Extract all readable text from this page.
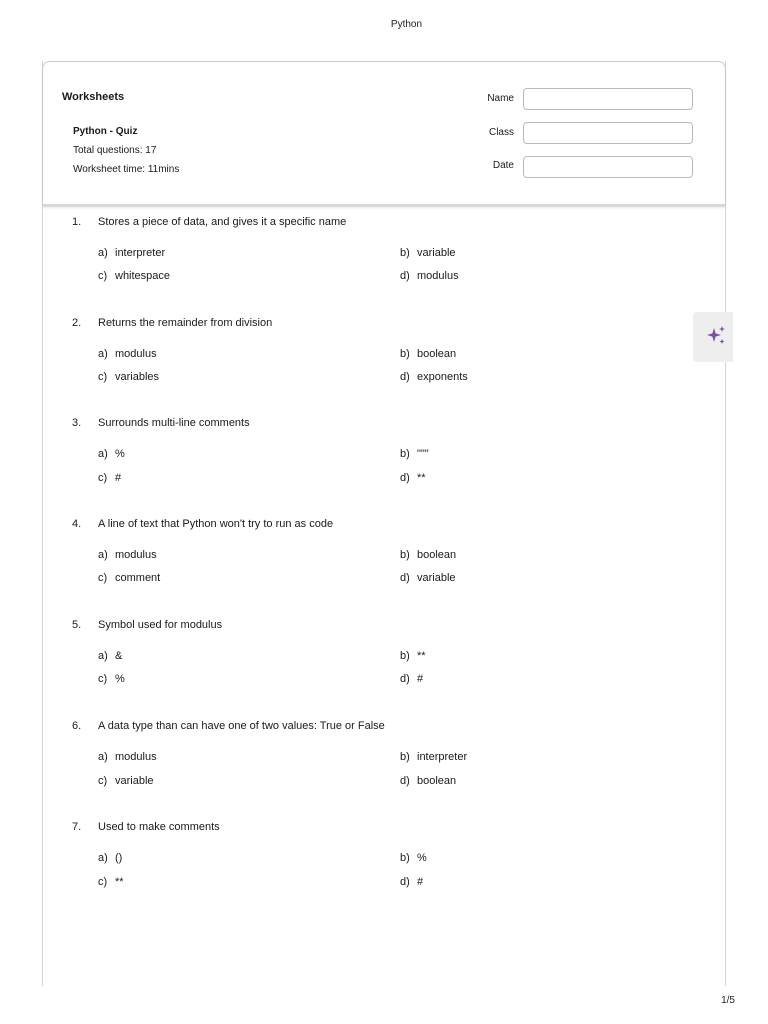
Python
Worksheets
Python - Quiz
Total questions: 17
Worksheet time: 11mins
Name
Class
Date
1. Stores a piece of data, and gives it a specific name
a) interpreter	b) variable
c) whitespace	d) modulus
2. Returns the remainder from division
a) modulus	b) boolean
c) variables	d) exponents
3. Surrounds multi-line comments
a) %	b) """
c) #	d) **
4. A line of text that Python won't try to run as code
a) modulus	b) boolean
c) comment	d) variable
5. Symbol used for modulus
a) &	b) **
c) %	d) #
6. A data type than can have one of two values: True or False
a) modulus	b) interpreter
c) variable	d) boolean
7. Used to make comments
a) ()	b) %
c) **	d) #
1/5
